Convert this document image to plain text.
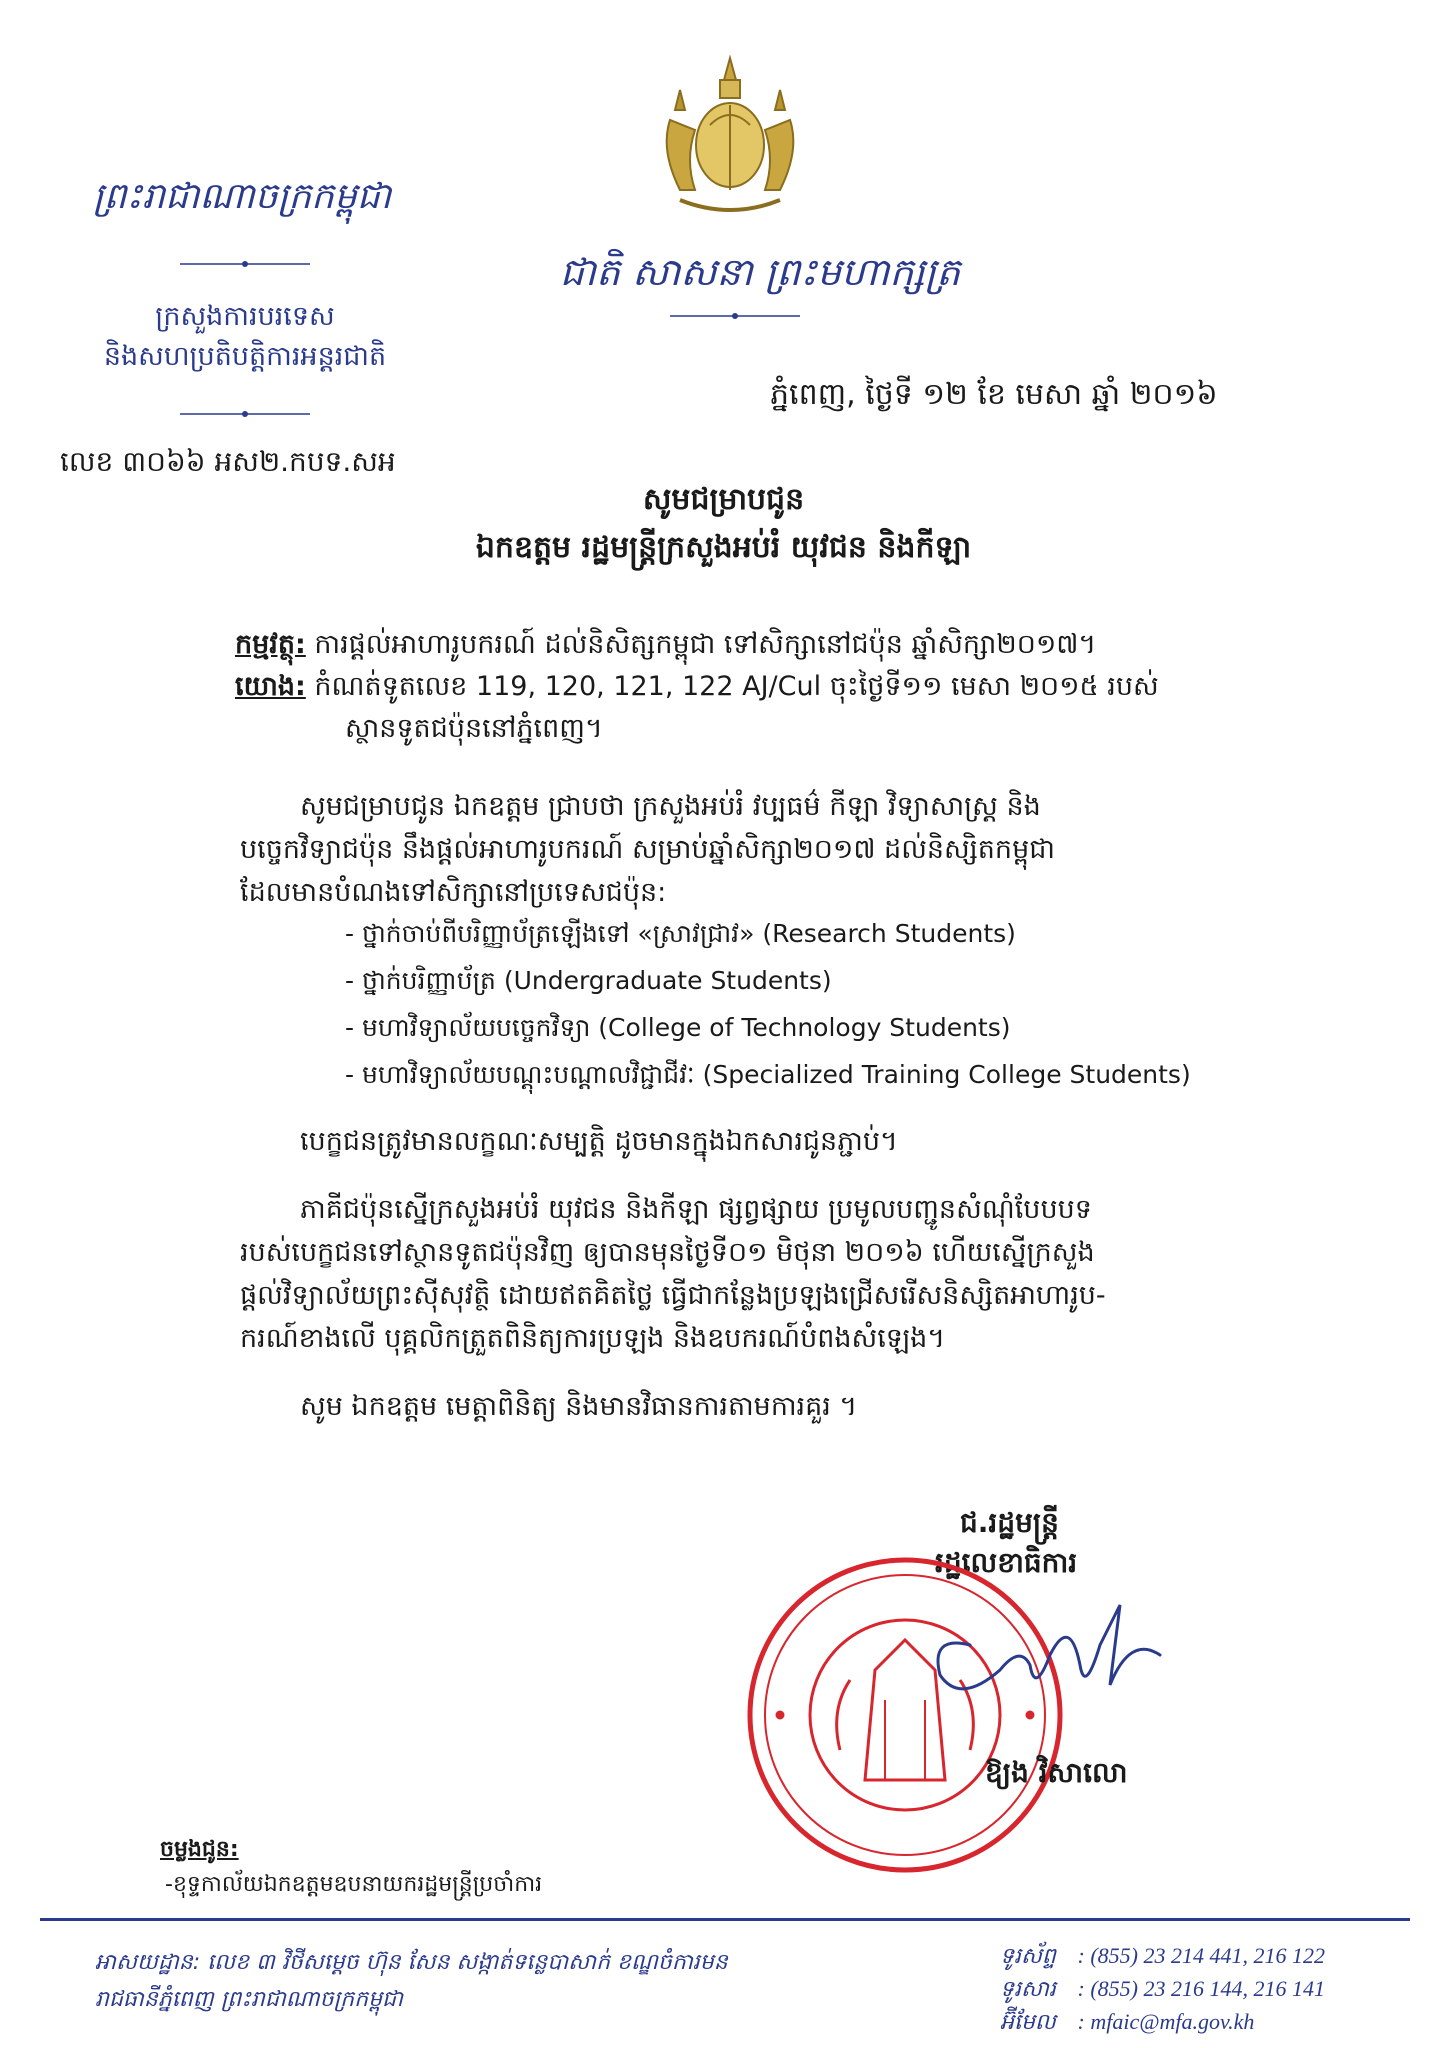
ព្រះរាជាណាចក្រកម្ពុជា
ជាតិ សាសនា ព្រះមហាក្សត្រ
ក្រសួងការបរទេស
និងសហប្រតិបត្តិការអន្តរជាតិ
ភ្នំពេញ, ថ្ងៃទី ១២ ខែ មេសា ឆ្នាំ ២០១៦
លេខ ៣០៦៦ អស២.កបទ.សអ
សូមជម្រាបជូន
ឯកឧត្តម រដ្ឋមន្ត្រីក្រសួងអប់រំ យុវជន និងកីឡា
កម្មវត្ថុ: ការផ្តល់អាហារូបករណ៍ ដល់និសិត្សកម្ពុជា ទៅសិក្សានៅជប៉ុន ឆ្នាំសិក្សា២០១៧។
យោង: កំណត់ទូតលេខ 119, 120, 121, 122 AJ/Cul ចុះថ្ងៃទី១១ មេសា ២០១៥ របស់
ស្ថានទូតជប៉ុននៅភ្នំពេញ។
សូមជម្រាបជូន ឯកឧត្តម ជ្រាបថា ក្រសួងអប់រំ វប្បធម៌ កីឡា វិទ្យាសាស្ត្រ និង
បច្ចេកវិទ្យាជប៉ុន នឹងផ្តល់អាហារូបករណ៍ សម្រាប់ឆ្នាំសិក្សា២០១៧ ដល់និស្សិតកម្ពុជា
ដែលមានបំណងទៅសិក្សានៅប្រទេសជប៉ុន:
- ថ្នាក់ចាប់ពីបរិញ្ញាប័ត្រឡើងទៅ «ស្រាវជ្រាវ» (Research Students)
- ថ្នាក់បរិញ្ញាប័ត្រ (Undergraduate Students)
- មហាវិទ្យាល័យបច្ចេកវិទ្យា (College of Technology Students)
- មហាវិទ្យាល័យបណ្តុះបណ្តាលវិជ្ជាជីវៈ (Specialized Training College Students)
បេក្ខជនត្រូវមានលក្ខណៈសម្បត្តិ ដូចមានក្នុងឯកសារជូនភ្ជាប់។
ភាគីជប៉ុនស្នើក្រសួងអប់រំ យុវជន និងកីឡា ផ្សព្វផ្សាយ ប្រមូលបញ្ជូនសំណុំបែបបទ
របស់បេក្ខជនទៅស្ថានទូតជប៉ុនវិញ ឲ្យបានមុនថ្ងៃទី០១ មិថុនា ២០១៦ ហើយស្នើក្រសួង
ផ្តល់វិទ្យាល័យព្រះស៊ីសុវត្ថិ ដោយឥតគិតថ្លៃ ធ្វើជាកន្លែងប្រឡងជ្រើសរើសនិស្សិតអាហារូប-
ករណ៍ខាងលើ បុគ្គលិកត្រួតពិនិត្យការប្រឡង និងឧបករណ៍បំពងសំឡេង។
សូម ឯកឧត្តម មេត្តាពិនិត្យ និងមានវិធានការតាមការគួរ ។
ជ.រដ្ឋមន្ត្រី
រដ្ឋលេខាធិការ
ឱ្យង វិសាលោ
ចម្លងជូន:
-ខុទ្ទកាល័យឯកឧត្តមឧបនាយករដ្ឋមន្ត្រីប្រចាំការ
អាសយដ្ឋាន: លេខ ៣ វិថីសម្តេច ហ៊ុន សែន សង្កាត់ទន្លេបាសាក់ ខណ្ឌចំការមន
រាជធានីភ្នំពេញ ព្រះរាជាណាចក្រកម្ពុជា
ទូរស័ព្ទ : (855) 23 214 441, 216 122
ទូរសារ : (855) 23 216 144, 216 141
អ៊ីមែល : mfaic@mfa.gov.kh
